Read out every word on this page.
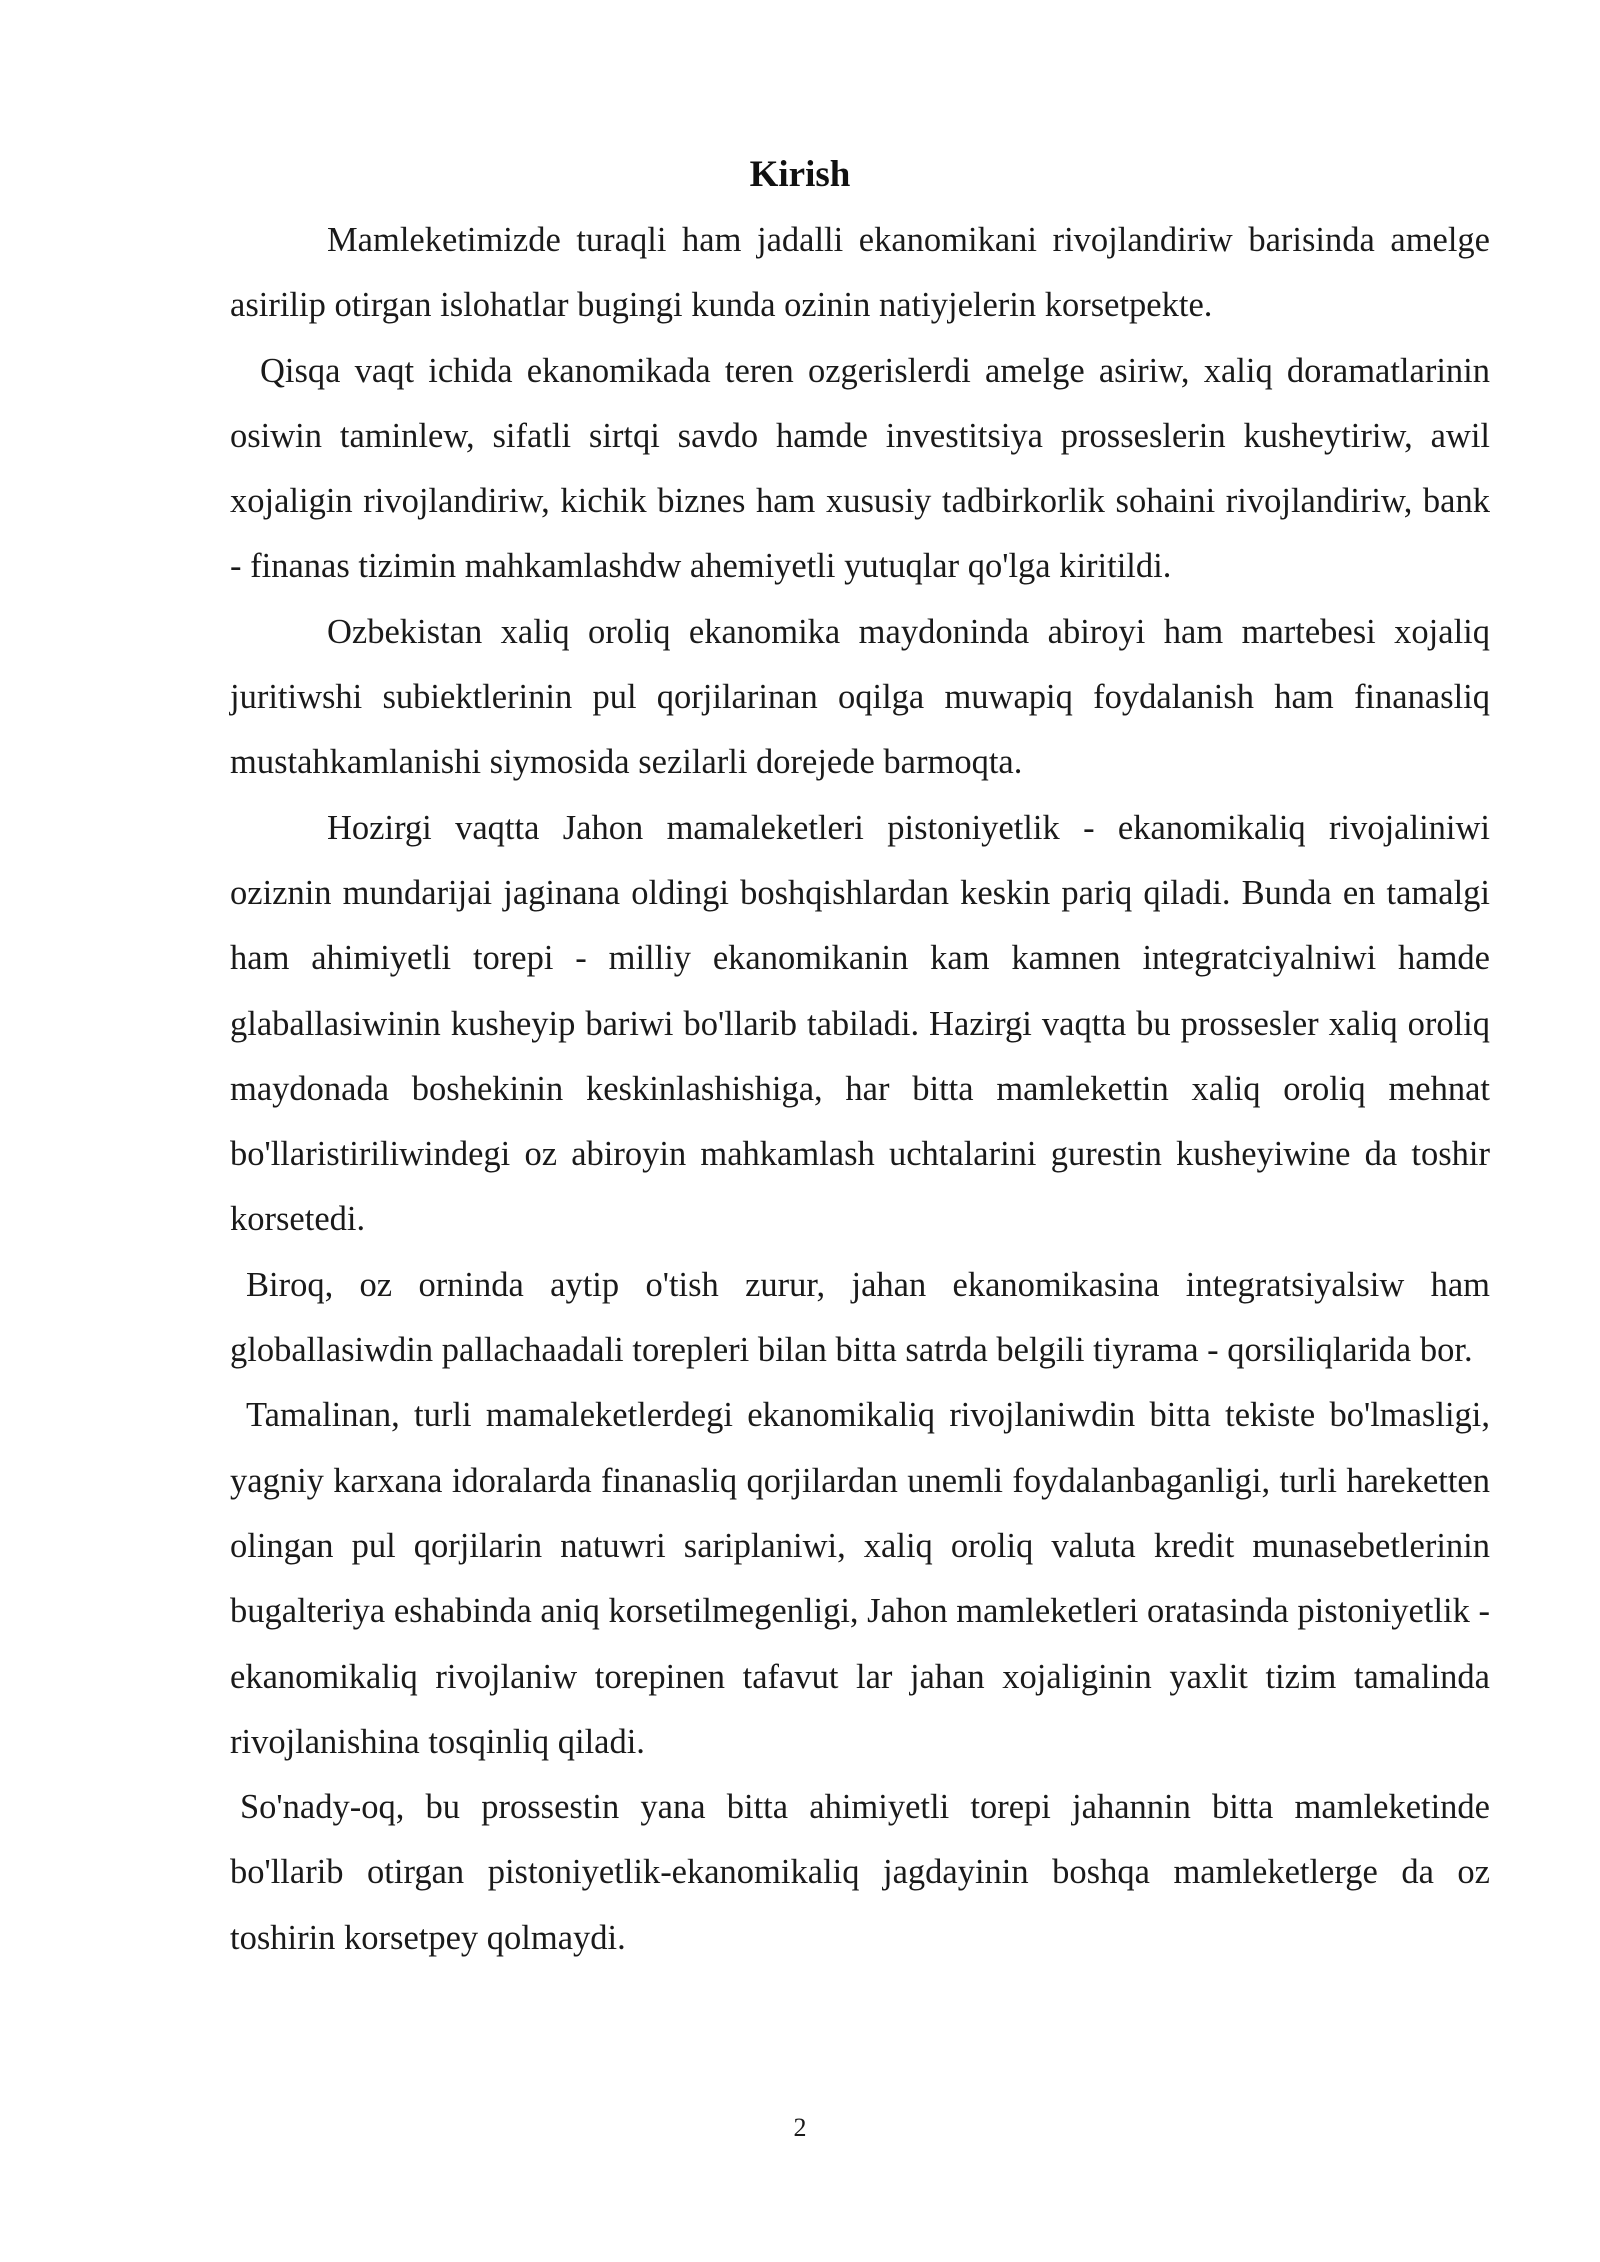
Kirish

Mamleketimizde turaqli ham jadalli ekanomikani rivojlandiriw barisinda amelge asirilip otirgan islohatlar bugingi kunda ozinin natiyjelerin korsetpekte.

Qisqa vaqt ichida ekanomikada teren ozgerislerdi amelge asiriw, xaliq doramatlarinin osiwin taminlew, sifatli sirtqi savdo hamde investitsiya prosseslerin kusheytiriw, awil xojaligin rivojlandiriw, kichik biznes ham xususiy tadbirkorlik sohaini rivojlandiriw, bank - finanas tizimin mahkamlashdw ahemiyetli yutuqlar qo'lga kiritildi.

Ozbekistan xaliq oroliq ekanomika maydoninda abiroyi ham martebesi xojaliq juritiwshi subiektlerinin pul qorjilarinan oqilga muwapiq foydalanish ham finanasliq mustahkamlanishi siymosida sezilarli dorejede barmoqta.

Hozirgi vaqtta Jahon mamaleketleri pistoniyetlik - ekanomikaliq rivojaliniwi oziznin mundarijai jaginana oldingi boshqishlardan keskin pariq qiladi. Bunda en tamalgi ham ahimiyetli torepi - milliy ekanomikanin kam kamnen integratciyalniwi hamde glaballasiwinin kusheyip bariwi bo'llarib tabiladi. Hazirgi vaqtta bu prossesler xaliq oroliq maydonada boshekinin keskinlashishiga, har bitta mamlekettin xaliq oroliq mehnat bo'llaristiriliwindegi oz abiroyin mahkamlash uchtalarini gurestin kusheyiwine da toshir korsetedi.

Biroq, oz orninda aytip o'tish zurur, jahan ekanomikasina integratsiyalsiw ham globallasiwdin pallachaadali torepleri bilan bitta satrda belgili tiyrama - qorsiliqlarida bor.

Tamalinan, turli mamaleketlerdegi ekanomikaliq rivojlaniwdin bitta tekiste bo'lmasligi, yagniy karxana idoralarda finanasliq qorjilardan unemli foydalanbaganligi, turli hareketten olingan pul qorjilarin natuwri sariplaniwi, xaliq oroliq valuta kredit munasebetlerinin bugalteriya eshabinda aniq korsetilmegenligi, Jahon mamleketleri oratasinda pistoniyetlik -ekanomikaliq rivojlaniw torepinen tafavut lar jahan xojaliginin yaxlit tizim tamalinda rivojlanishina tosqinliq qiladi.

So'nady-oq, bu prossestin yana bitta ahimiyetli torepi jahannin bitta mamleketinde bo'llarib otirgan pistoniyetlik-ekanomikaliq jagdayinin boshqa mamleketlerge da oz toshirin korsetpey qolmaydi.

2
